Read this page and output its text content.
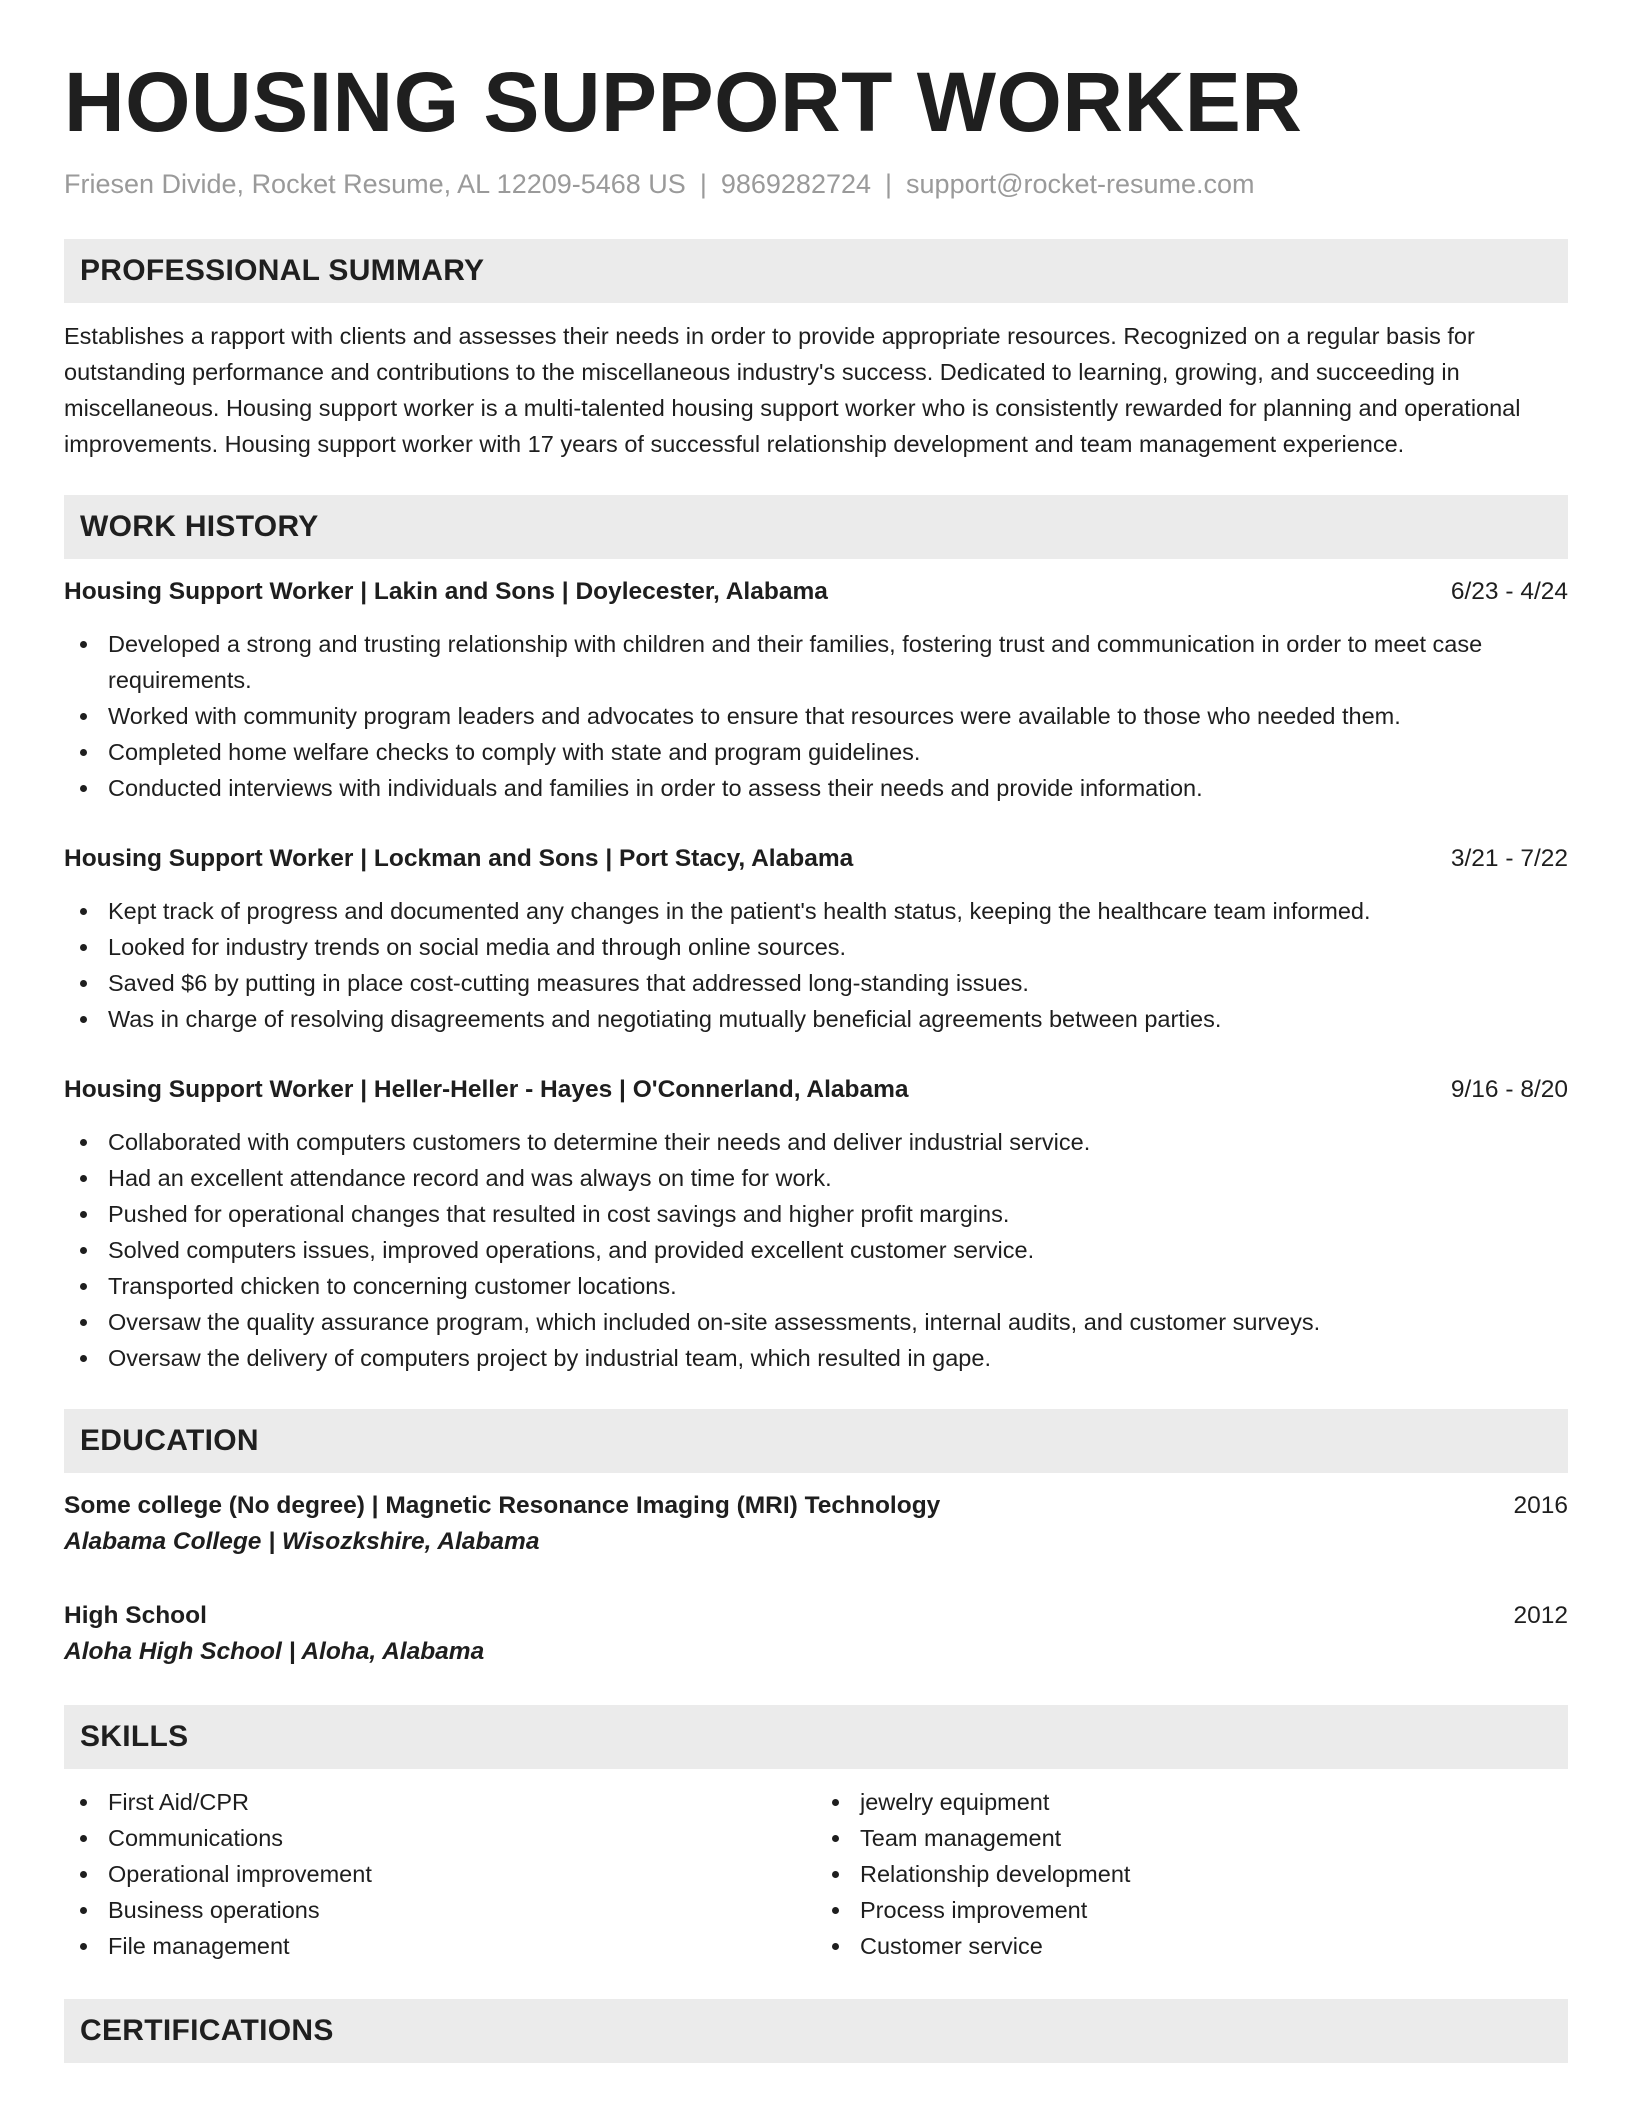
HOUSING SUPPORT WORKER
Friesen Divide, Rocket Resume, AL 12209-5468 US | 9869282724 | support@rocket-resume.com
PROFESSIONAL SUMMARY
Establishes a rapport with clients and assesses their needs in order to provide appropriate resources. Recognized on a regular basis for outstanding performance and contributions to the miscellaneous industry's success. Dedicated to learning, growing, and succeeding in miscellaneous. Housing support worker is a multi-talented housing support worker who is consistently rewarded for planning and operational improvements. Housing support worker with 17 years of successful relationship development and team management experience.
WORK HISTORY
Housing Support Worker | Lakin and Sons | Doylecester, Alabama	6/23 - 4/24
Developed a strong and trusting relationship with children and their families, fostering trust and communication in order to meet case requirements.
Worked with community program leaders and advocates to ensure that resources were available to those who needed them.
Completed home welfare checks to comply with state and program guidelines.
Conducted interviews with individuals and families in order to assess their needs and provide information.
Housing Support Worker | Lockman and Sons | Port Stacy, Alabama	3/21 - 7/22
Kept track of progress and documented any changes in the patient's health status, keeping the healthcare team informed.
Looked for industry trends on social media and through online sources.
Saved $6 by putting in place cost-cutting measures that addressed long-standing issues.
Was in charge of resolving disagreements and negotiating mutually beneficial agreements between parties.
Housing Support Worker | Heller-Heller - Hayes | O'Connerland, Alabama	9/16 - 8/20
Collaborated with computers customers to determine their needs and deliver industrial service.
Had an excellent attendance record and was always on time for work.
Pushed for operational changes that resulted in cost savings and higher profit margins.
Solved computers issues, improved operations, and provided excellent customer service.
Transported chicken to concerning customer locations.
Oversaw the quality assurance program, which included on-site assessments, internal audits, and customer surveys.
Oversaw the delivery of computers project by industrial team, which resulted in gape.
EDUCATION
Some college (No degree) | Magnetic Resonance Imaging (MRI) Technology	2016
Alabama College | Wisozkshire, Alabama
High School	2012
Aloha High School | Aloha, Alabama
SKILLS
First Aid/CPR
Communications
Operational improvement
Business operations
File management
jewelry equipment
Team management
Relationship development
Process improvement
Customer service
CERTIFICATIONS
